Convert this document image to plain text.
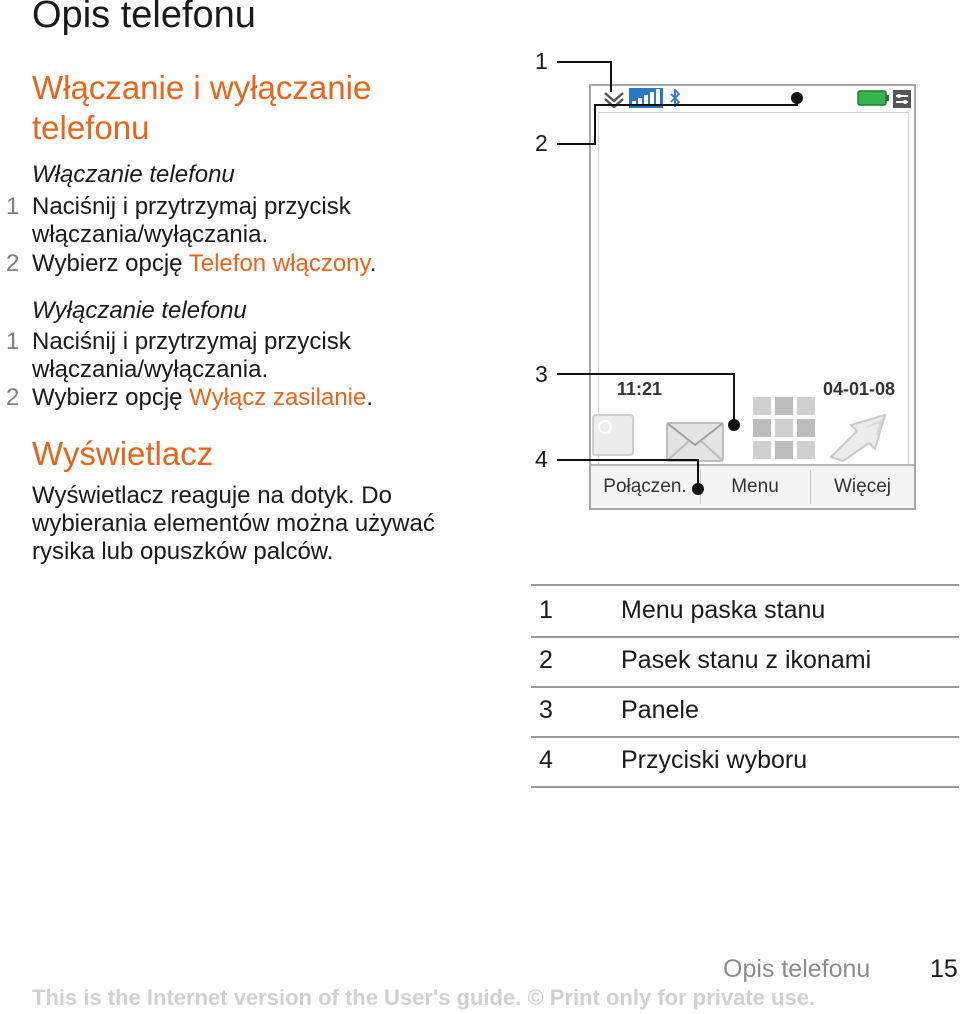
Opis telefonu
Włączanie i wyłączanie telefonu
Włączanie telefonu
1 Naciśnij i przytrzymaj przycisk włączania/wyłączania.
2 Wybierz opcję Telefon włączony.
Wyłączanie telefonu
1 Naciśnij i przytrzymaj przycisk włączania/wyłączania.
2 Wybierz opcję Wyłącz zasilanie.
Wyświetlacz
Wyświetlacz reaguje na dotyk. Do wybierania elementów można używać rysika lub opuszków palców.
1
2
3
4
11:21	04-01-08
Połączen.	Menu	Więcej
1	Menu paska stanu
2	Pasek stanu z ikonami
3	Panele
4	Przyciski wyboru
Opis telefonu 15
This is the Internet version of the User's guide. © Print only for private use.
